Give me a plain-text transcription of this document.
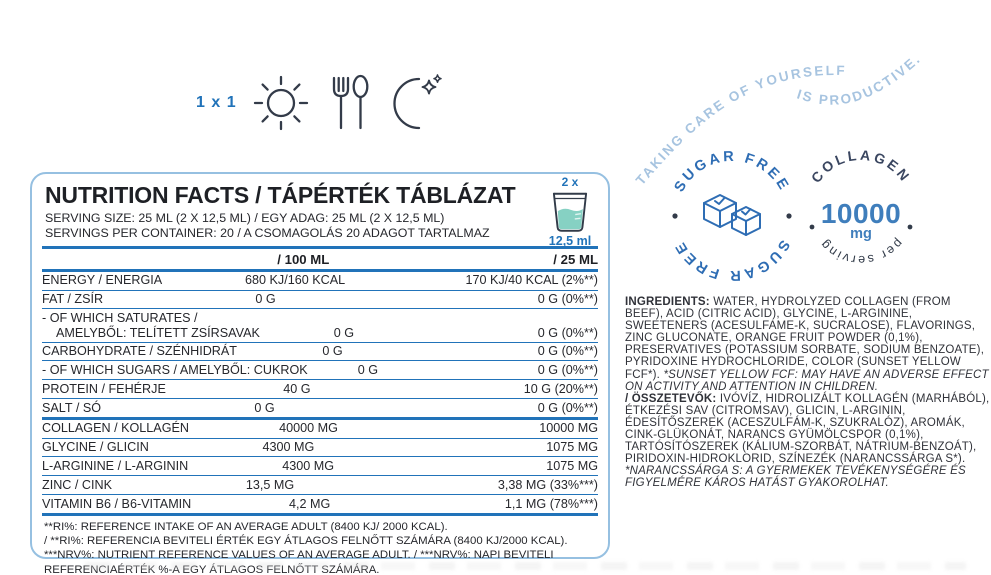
1 x 1
TAKING CARE OF YOURSELF
IS PRODUCTIVE.
SUGAR FREE
SUGAR FREE
COLLAGEN
10000
mg
per serving
NUTRITION FACTS / TÁPÉRTÉK TÁBLÁZAT
SERVING SIZE: 25 ML (2 X 12,5 ML) / EGY ADAG: 25 ML (2 X 12,5 ML)
SERVINGS PER CONTAINER: 20 / A CSOMAGOLÁS 20 ADAGOT TARTALMAZ
2 x
12,5 ml
/ 100 ML	/ 25 ML
ENERGY / ENERGIA	680 KJ/160 KCAL	170 KJ/40 KCAL (2%**)
FAT / ZSÍR	0 G	0 G (0%**)
- OF WHICH SATURATES /
AMELYBŐL: TELÍTETT ZSÍRSAVAK	0 G	0 G (0%**)
CARBOHYDRATE / SZÉNHIDRÁT	0 G	0 G (0%**)
- OF WHICH SUGARS / AMELYBŐL: CUKROK	0 G	0 G (0%**)
PROTEIN / FEHÉRJE	40 G	10 G (20%**)
SALT / SÓ	0 G	0 G (0%**)
COLLAGEN / KOLLAGÉN	40000 MG	10000 MG
GLYCINE / GLICIN	4300 MG	1075 MG
L-ARGININE / L-ARGININ	4300 MG	1075 MG
ZINC / CINK	13,5 MG	3,38 MG (33%***)
VITAMIN B6 / B6-VITAMIN	4,2 MG	1,1 MG (78%***)
**RI%: REFERENCE INTAKE OF AN AVERAGE ADULT (8400 KJ/ 2000 KCAL).
/ **RI%: REFERENCIA BEVITELI ÉRTÉK EGY ÁTLAGOS FELNŐTT SZÁMÁRA (8400 KJ/2000 KCAL).
***NRV%: NUTRIENT REFERENCE VALUES OF AN AVERAGE ADULT. / ***NRV%: NAPI BEVITELI REFERENCIAÉRTÉK %-A EGY ÁTLAGOS FELNŐTT SZÁMÁRA.
INGREDIENTS: WATER, HYDROLYZED COLLAGEN (FROM BEEF), ACID (CITRIC ACID), GLYCINE, L-ARGININE, SWEETENERS (ACESULFAME-K, SUCRALOSE), FLAVORINGS, ZINC GLUCONATE, ORANGE FRUIT POWDER (0,1%), PRESERVATIVES (POTASSIUM SORBATE, SODIUM BENZOATE), PYRIDOXINE HYDROCHLORIDE, COLOR (SUNSET YELLOW FCF*). *SUNSET YELLOW FCF: MAY HAVE AN ADVERSE EFFECT ON ACTIVITY AND ATTENTION IN CHILDREN.
/ ÖSSZETEVŐK: IVÓVÍZ, HIDROLIZÁLT KOLLAGÉN (MARHÁBÓL), ÉTKEZÉSI SAV (CITROMSAV), GLICIN, L-ARGININ, ÉDESÍTŐSZEREK (ACESZULFÁM-K, SZUKRALÓZ), AROMÁK, CINK-GLÜKONÁT, NARANCS GYÜMÖLCSPOR (0,1%), TARTÓSÍTÓSZEREK (KÁLIUM-SZORBÁT, NÁTRIUM-BENZOÁT), PIRIDOXIN-HIDROKLORID, SZÍNEZÉK (NARANCSSÁRGA S*). *NARANCSSÁRGA S: A GYERMEKEK TEVÉKENYSÉGÉRE ÉS FIGYELMÉRE KÁROS HATÁST GYAKOROLHAT.
